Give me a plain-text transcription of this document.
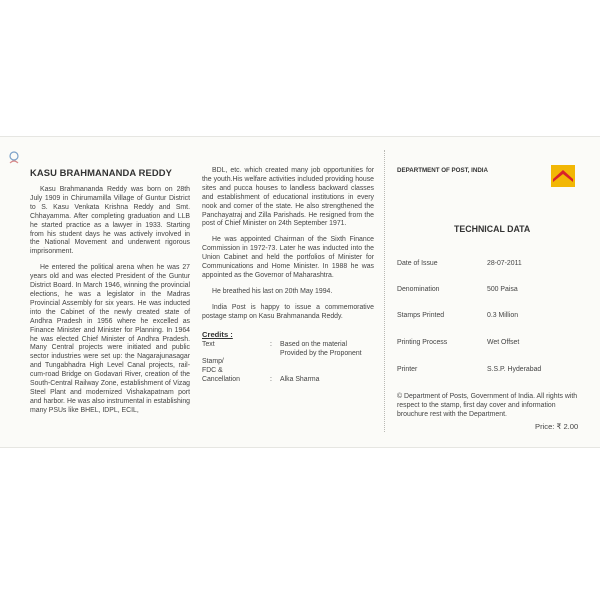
KASU BRAHMANANDA REDDY

Kasu Brahmananda Reddy was born on 28th July 1909 in Chirumamilla Village of Guntur District to S. Kasu Venkata Krishna Reddy and Smt. Chhayamma. After completing graduation and LLB he started practice as a lawyer in 1933. Starting from his student days he was actively involved in the National Movement and underwent rigorous imprisonment.

He entered the political arena when he was 27 years old and was elected President of the Guntur District Board. In March 1946, winning the provincial elections, he was a legislator in the Madras Provincial Assembly for six years. He was inducted into the Cabinet of the newly created state of Andhra Pradesh in 1956 where he excelled as Finance Minister and Minister for Planning. In 1964 he was elected Chief Minister of Andhra Pradesh. Many Central projects were initiated and public sector industries were set up: the Nagarajunasagar and Tungabhadra High Level Canal projects, rail-cum-road Bridge on Godavari River, creation of the South-Central Railway Zone, establishment of Vizag Steel Plant and modernized Vishakapatnam port and harbor. He was also instrumental in establishing many PSUs like BHEL, IDPL, ECIL,

BDL, etc. which created many job opportunities for the youth.His welfare activities included providing house sites and pucca houses to landless backward classes and establishment of educational institutions in every nook and corner of the state. He also strengthened the Panchayatraj and Zilla Parishads. He resigned from the post of Chief Minister on 24th September 1971.

He was appointed Chairman of the Sixth Finance Commission in 1972-73. Later he was inducted into the Union Cabinet and held the portfolios of Minister for Communications and Home Minister. In 1988 he was appointed as the Governor of Maharashtra.

He breathed his last on 20th May 1994.

India Post is happy to issue a commemorative postage stamp on Kasu Brahmananda Reddy.

Credits :
Text	:	Based on the material Provided by the Proponent
Stamp/
FDC &
Cancellation	:	Alka Sharma

DEPARTMENT OF POST, INDIA

TECHNICAL DATA
Date of Issue	28-07-2011
Denomination	500 Paisa
Stamps Printed	0.3 Million
Printing Process	Wet Offset
Printer	S.S.P. Hyderabad

© Department of Posts, Government of India. All rights with respect to the stamp, first day cover and information brouchure rest with the Department.

Price: ₹ 2.00
